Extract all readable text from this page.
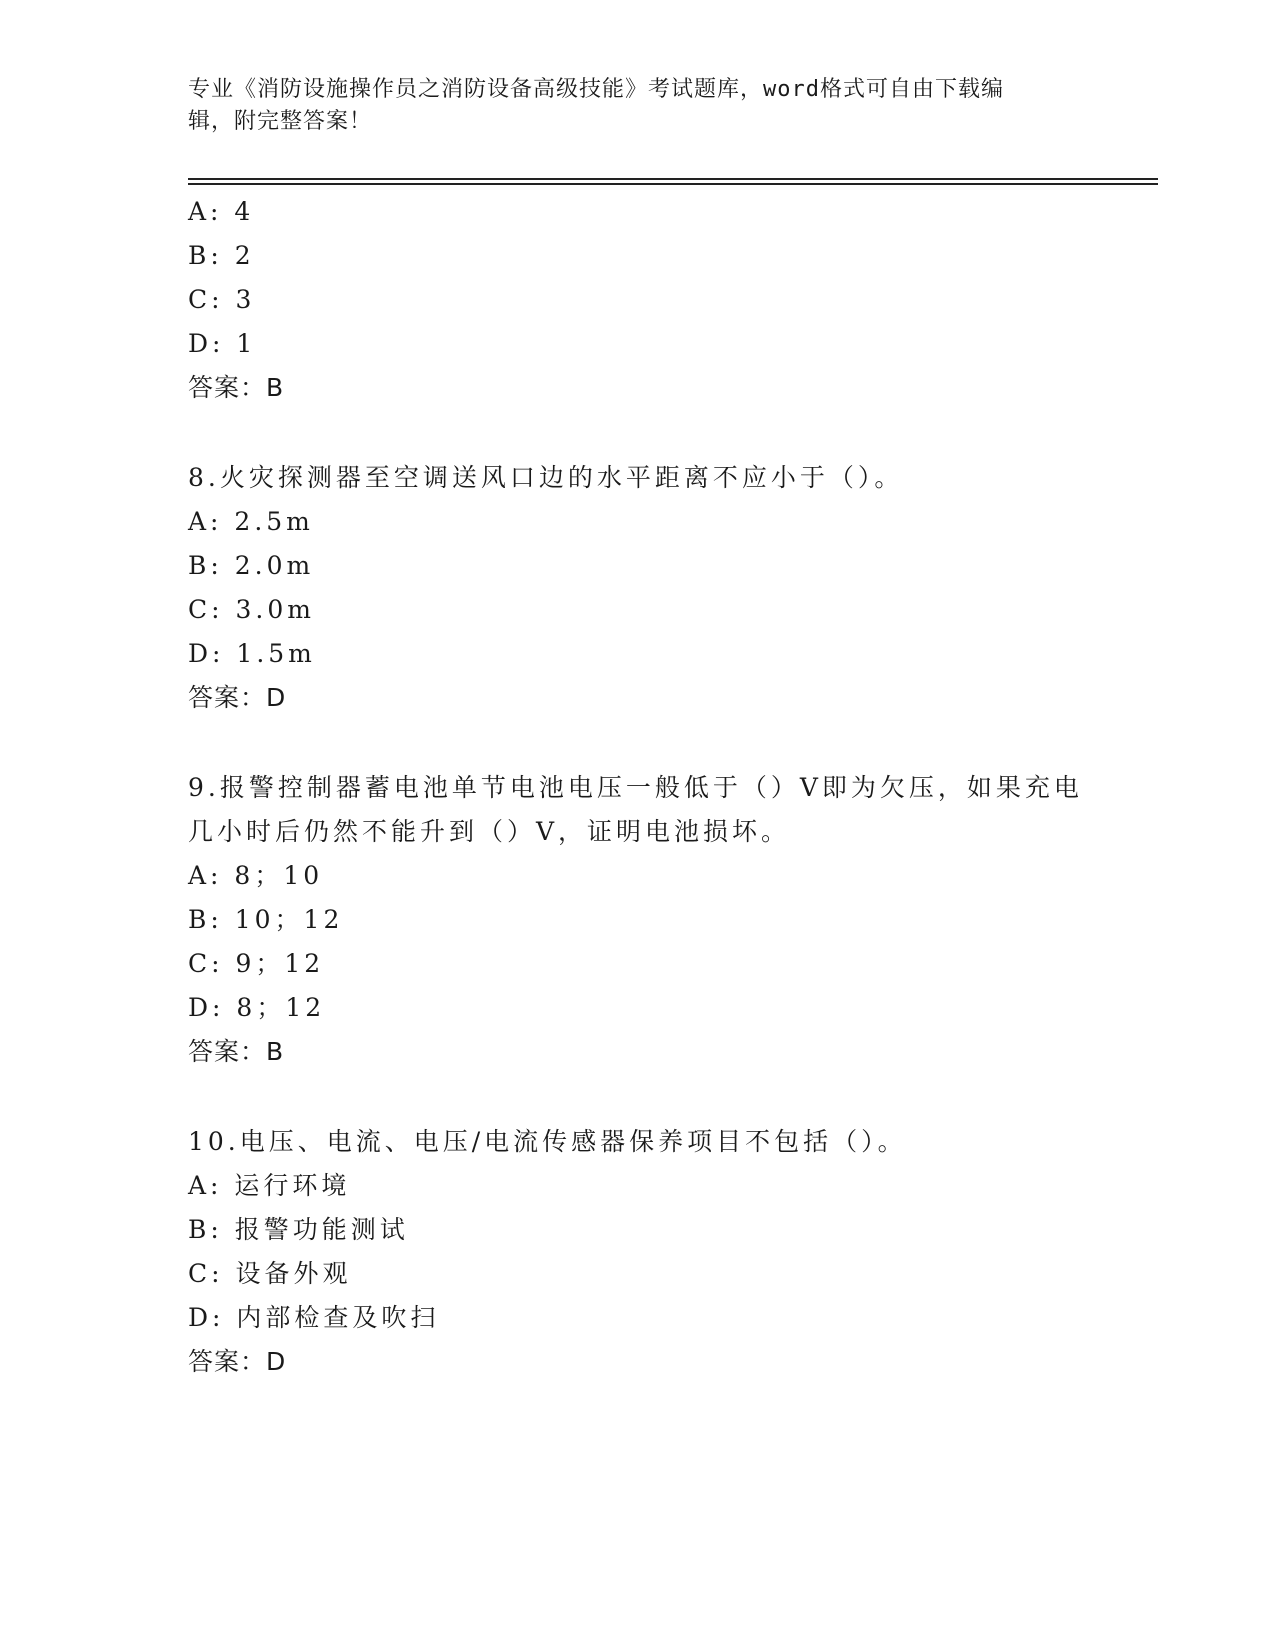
专业《消防设施操作员之消防设备高级技能》考试题库，word格式可自由下载编
辑，附完整答案！
A: 4
B: 2
C: 3
D: 1
答案：B
8.火灾探测器至空调送风口边的水平距离不应小于（）。
A: 2.5m
B: 2.0m
C: 3.0m
D: 1.5m
答案：D
9.报警控制器蓄电池单节电池电压一般低于（）V即为欠压，如果充电
几小时后仍然不能升到（）V，证明电池损坏。
A: 8；10
B: 10；12
C: 9；12
D: 8；12
答案：B
10.电压、电流、电压/电流传感器保养项目不包括（）。
A: 运行环境
B: 报警功能测试
C: 设备外观
D: 内部检查及吹扫
答案：D
